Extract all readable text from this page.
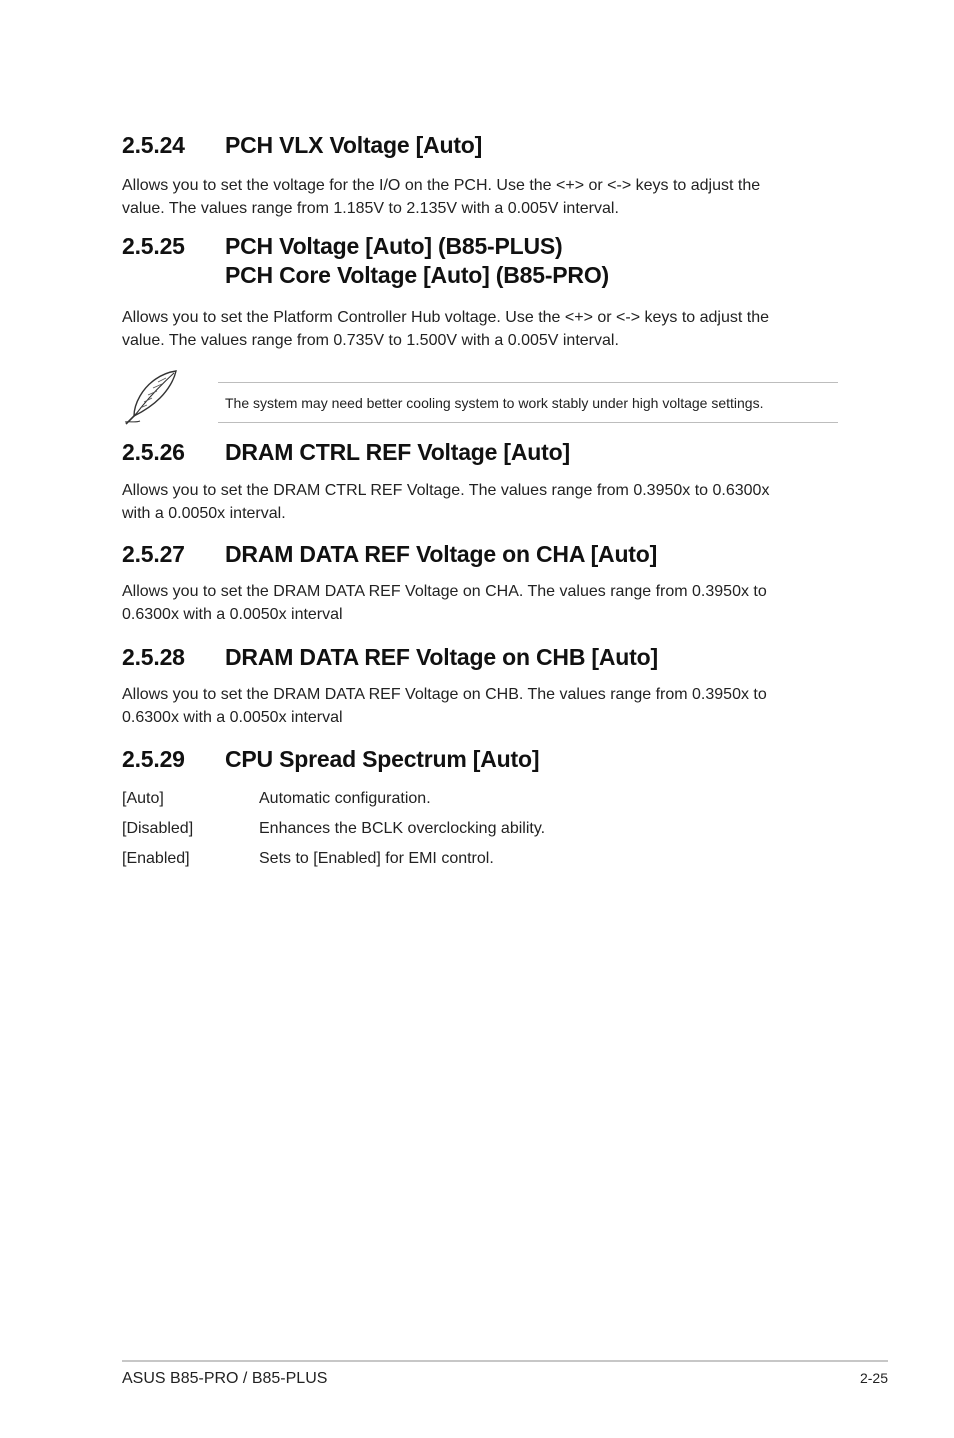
2.5.24	PCH VLX Voltage [Auto]

Allows you to set the voltage for the I/O on the PCH. Use the <+> or <-> keys to adjust the
value. The values range from 1.185V to 2.135V with a 0.005V interval.

2.5.25	PCH Voltage [Auto] (B85-PLUS)
PCH Core Voltage [Auto] (B85-PRO)

Allows you to set the Platform Controller Hub voltage. Use the <+> or <-> keys to adjust the
value. The values range from 0.735V to 1.500V with a 0.005V interval.

The system may need better cooling system to work stably under high voltage settings.
2.5.26	DRAM CTRL REF Voltage [Auto]

Allows you to set the DRAM CTRL REF Voltage. The values range from 0.3950x to 0.6300x
with a 0.0050x interval.

2.5.27	DRAM DATA REF Voltage on CHA [Auto]

Allows you to set the DRAM DATA REF Voltage on CHA. The values range from 0.3950x to
0.6300x with a 0.0050x interval

2.5.28	DRAM DATA REF Voltage on CHB [Auto]

Allows you to set the DRAM DATA REF Voltage on CHB. The values range from 0.3950x to
0.6300x with a 0.0050x interval

2.5.29	CPU Spread Spectrum [Auto]
[Auto]	Automatic configuration.
[Disabled]	Enhances the BCLK overclocking ability.
[Enabled]	Sets to [Enabled] for EMI control.
ASUS B85-PRO / B85-PLUS	2-25
